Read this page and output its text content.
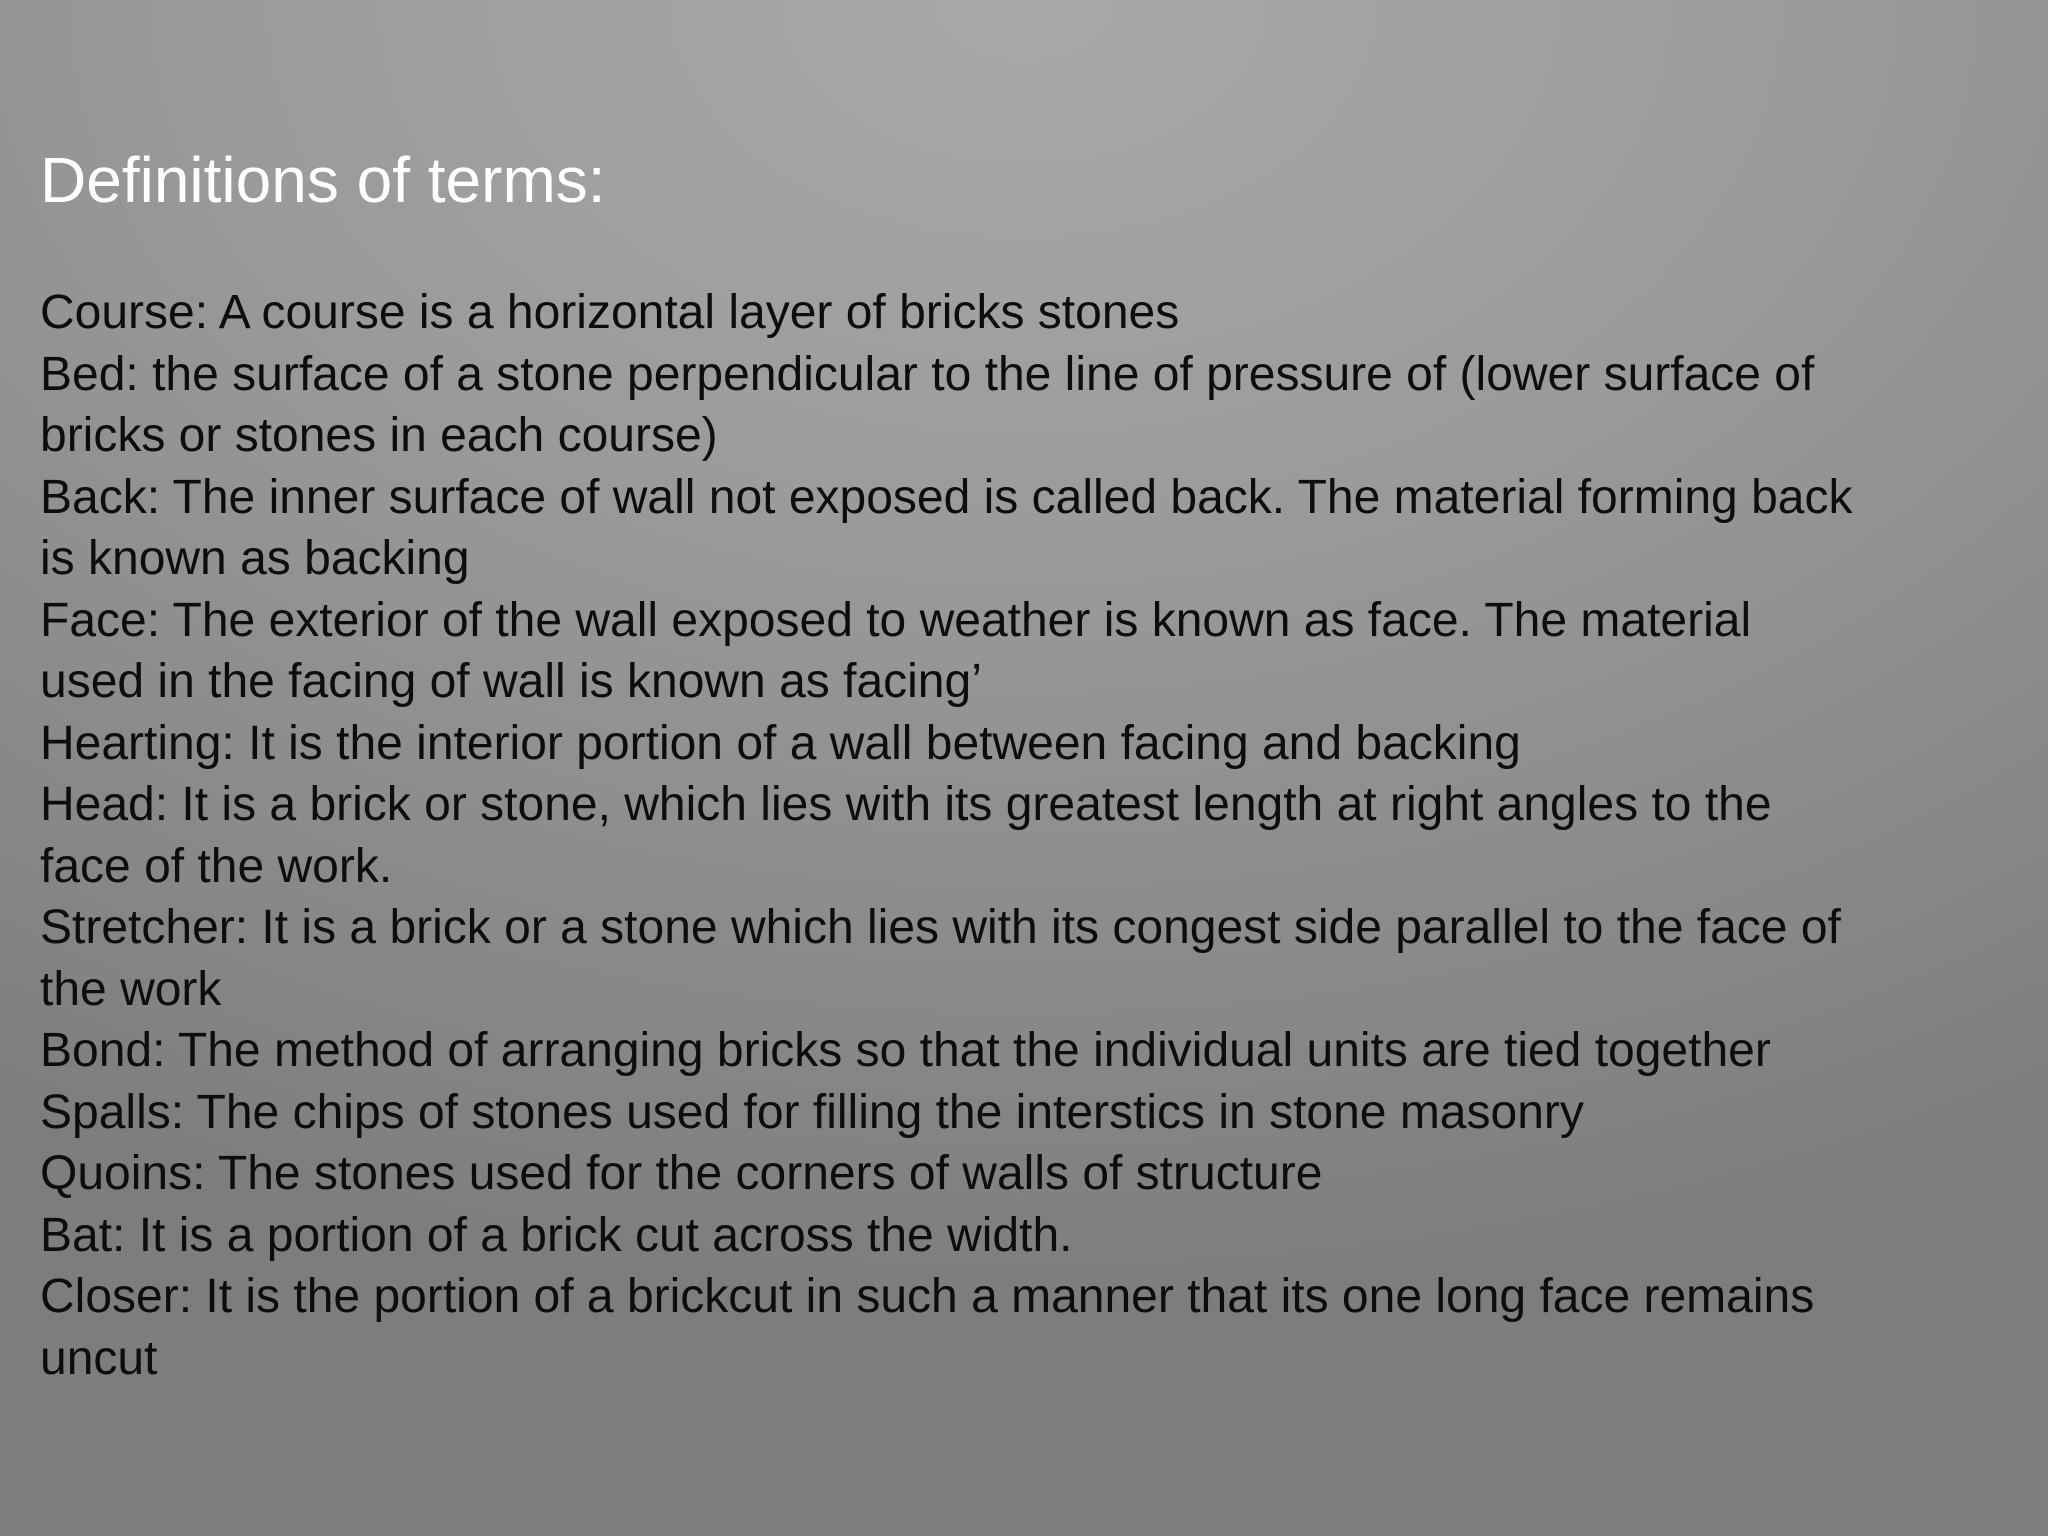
Definitions of terms:
Course: A course is a horizontal layer of bricks stones
Bed: the surface of a stone perpendicular to the line of pressure of (lower surface of
bricks or stones in each course)
Back: The inner surface of wall not exposed is called back. The material forming back
is known as backing
Face: The exterior of the wall exposed to weather is known as face. The material
used in the facing of wall is known as facing’
Hearting: It is the interior portion of a wall between facing and backing
Head: It is a brick or stone, which lies with its greatest length at right angles to the
face of the work.
Stretcher: It is a brick or a stone which lies with its congest side parallel to the face of
the work
Bond: The method of arranging bricks so that the individual units are tied together
Spalls: The chips of stones used for filling the interstics in stone masonry
Quoins: The stones used for the corners of walls of structure
Bat: It is a portion of a brick cut across the width.
Closer: It is the portion of a brickcut in such a manner that its one long face remains
uncut
